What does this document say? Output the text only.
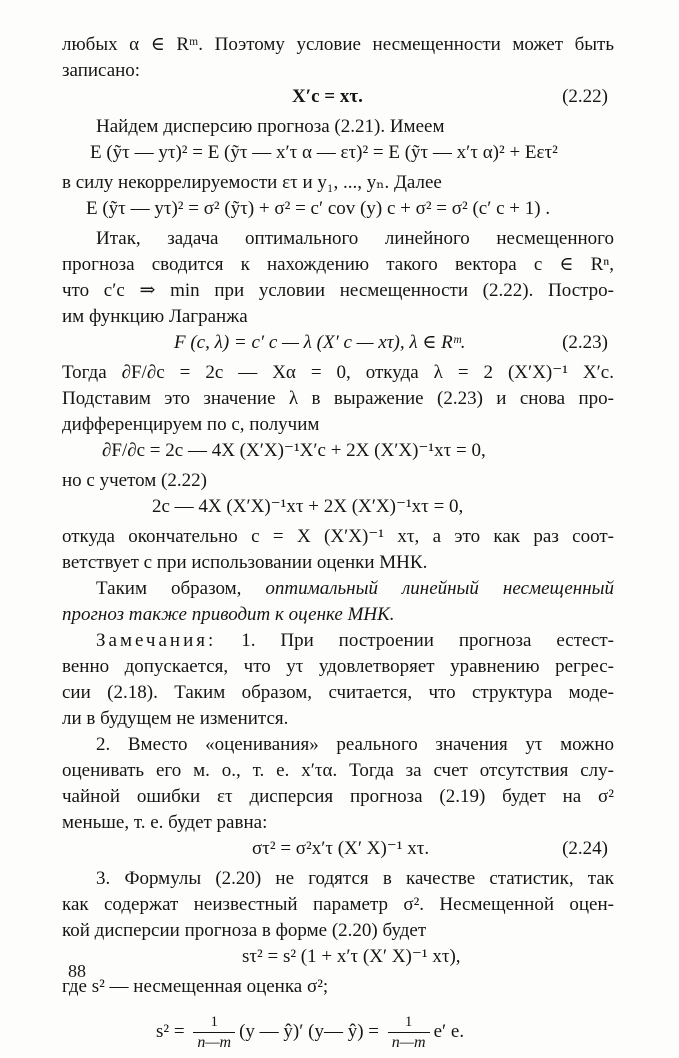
любых α ∈ Rᵐ. Поэтому условие несмещенности может быть
записано:
X′c = xτ.	(2.22)
Найдем дисперсию прогноза (2.21). Имеем
E (ỹτ — yτ)² = E (ỹτ — x′τ α — ετ)² = E (ỹτ — x′τ α)² + Eετ²
в силу некоррелируемости ετ и y₁, ..., yₙ. Далее
E (ỹτ — yτ)² = σ² (ỹτ) + σ² = c′ cov (y) c + σ² = σ² (c′ c + 1) .
Итак, задача оптимального линейного несмещенного
прогноза сводится к нахождению такого вектора c ∈ Rⁿ,
что c′c ⇒ min при условии несмещенности (2.22). Постро-
им функцию Лагранжа
F (c, λ) = c′ c — λ (X′ c — xτ), λ ∈ Rᵐ.	(2.23)
Тогда ∂F/∂c = 2c — Xα = 0, откуда λ = 2 (X′X)⁻¹ X′c.
Подставим это значение λ в выражение (2.23) и снова про-
дифференцируем по c, получим
∂F/∂c = 2c — 4X (X′X)⁻¹X′c + 2X (X′X)⁻¹xτ = 0,
но с учетом (2.22)
2c — 4X (X′X)⁻¹xτ + 2X (X′X)⁻¹xτ = 0,
откуда окончательно c = X (X′X)⁻¹ xτ, а это как раз соот-
ветствует c при использовании оценки МНК.
Таким образом, оптимальный линейный несмещенный
прогноз также приводит к оценке МНК.
Замечания: 1. При построении прогноза естест-
венно допускается, что yτ удовлетворяет уравнению регрес-
сии (2.18). Таким образом, считается, что структура моде-
ли в будущем не изменится.
2. Вместо «оценивания» реального значения yτ можно
оценивать его м. о., т. е. x′τα. Тогда за счет отсутствия слу-
чайной ошибки ετ дисперсия прогноза (2.19) будет на σ²
меньше, т. е. будет равна:
στ² = σ²x′τ (X′ X)⁻¹ xτ.	(2.24)
3. Формулы (2.20) не годятся в качестве статистик, так
как содержат неизвестный параметр σ². Несмещенной оцен-
кой дисперсии прогноза в форме (2.20) будет
sτ² = s² (1 + x′τ (X′ X)⁻¹ xτ),
где s² — несмещенная оценка σ²;
$s^2 = \frac{1}{n—m} (y$ — ŷ)′ (y— ŷ) = $\frac{1}{n—m} e'$ e.
88
